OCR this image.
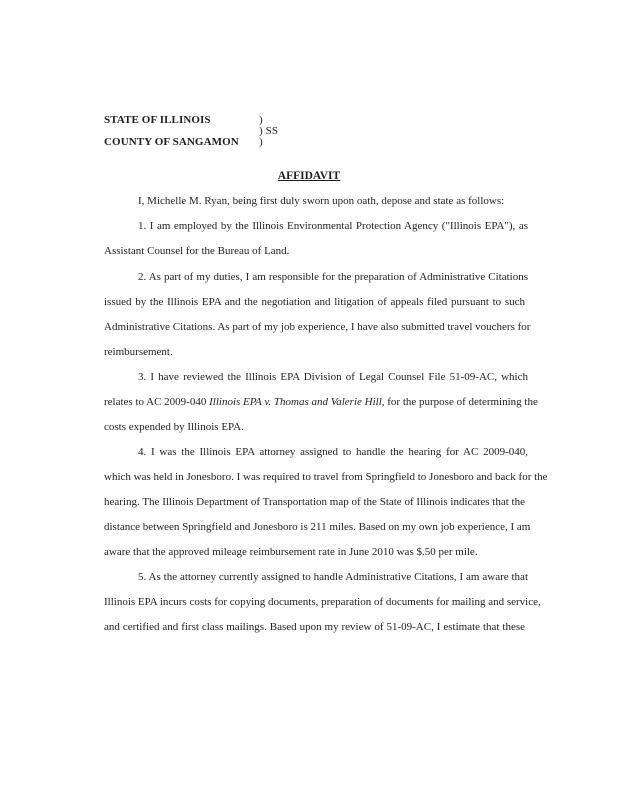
STATE OF ILLINOIS	)
) SS
COUNTY OF SANGAMON )
AFFIDAVIT
I, Michelle M. Ryan, being first duly sworn upon oath, depose and state as follows:
1. I am employed by the Illinois Environmental Protection Agency ("Illinois EPA"), as
Assistant Counsel for the Bureau of Land.
2. As part of my duties, I am responsible for the preparation of Administrative Citations
issued by the Illinois EPA and the negotiation and litigation of appeals filed pursuant to such
Administrative Citations. As part of my job experience, I have also submitted travel vouchers for
reimbursement.
3. I have reviewed the Illinois EPA Division of Legal Counsel File 51-09-AC, which
relates to AC 2009-040 Illinois EPA v. Thomas and Valerie Hill, for the purpose of determining the
costs expended by Illinois EPA.
4. I was the Illinois EPA attorney assigned to handle the hearing for AC 2009-040,
which was held in Jonesboro. I was required to travel from Springfield to Jonesboro and back for the
hearing. The Illinois Department of Transportation map of the State of Illinois indicates that the
distance between Springfield and Jonesboro is 211 miles. Based on my own job experience, I am
aware that the approved mileage reimbursement rate in June 2010 was $.50 per mile.
5. As the attorney currently assigned to handle Administrative Citations, I am aware that
Illinois EPA incurs costs for copying documents, preparation of documents for mailing and service,
and certified and first class mailings. Based upon my review of 51-09-AC, I estimate that these
